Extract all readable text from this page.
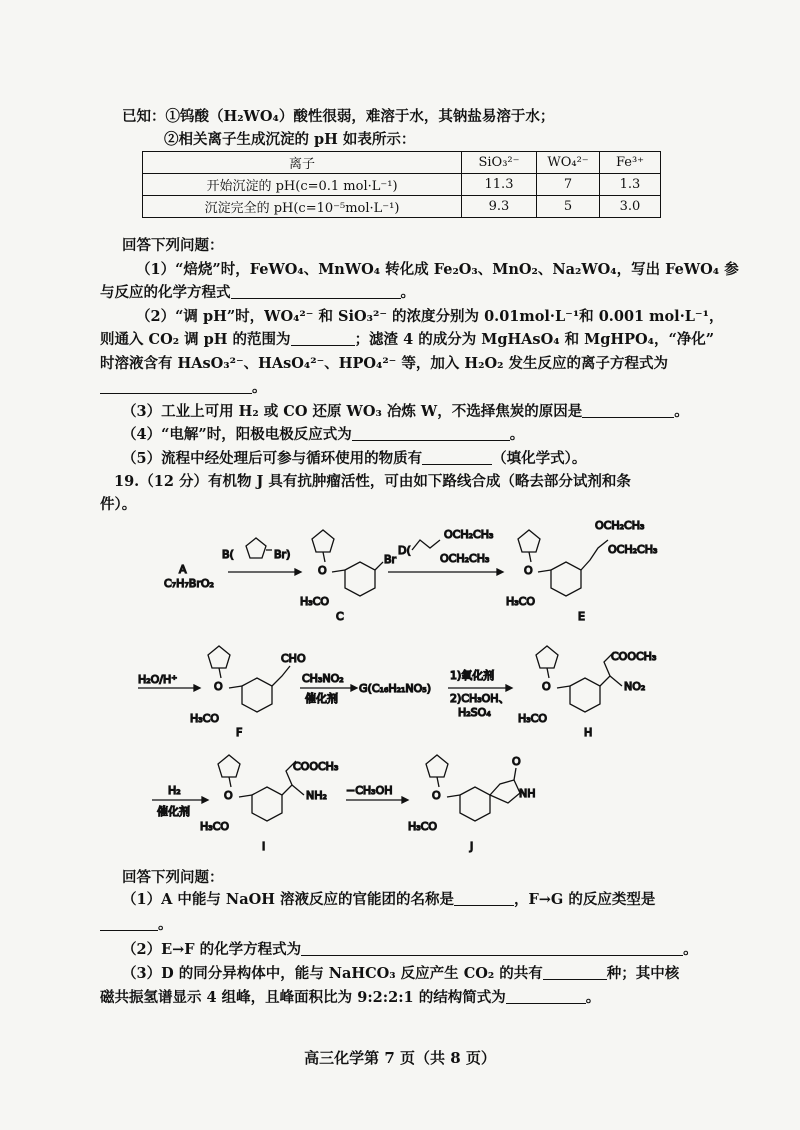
已知：①钨酸（H₂WO₄）酸性很弱，难溶于水，其钠盐易溶于水；
②相关离子生成沉淀的 pH 如表所示：
离子	SiO₃²⁻	WO₄²⁻	Fe³⁺
开始沉淀的 pH(c=0.1 mol·L⁻¹)	11.3	7	1.3
沉淀完全的 pH(c=10⁻⁵mol·L⁻¹)	9.3	5	3.0
回答下列问题：
（1）“焙烧”时，FeWO₄、MnWO₄ 转化成 Fe₂O₃、MnO₂、Na₂WO₄，写出 FeWO₄ 参
与反应的化学方程式	。
（2）“调 pH”时，WO₄²⁻ 和 SiO₃²⁻ 的浓度分别为 0.01mol·L⁻¹和 0.001 mol·L⁻¹，
则通入 CO₂ 调 pH 的范围为	；滤渣 4 的成分为 MgHAsO₄ 和 MgHPO₄，“净化”
时溶液含有 HAsO₃²⁻、HAsO₄²⁻、HPO₄²⁻ 等，加入 H₂O₂ 发生反应的离子方程式为
。
（3）工业上可用 H₂ 或 CO 还原 WO₃ 冶炼 W，不选择焦炭的原因是	。
（4）“电解”时，阳极电极反应式为	。
（5）流程中经处理后可参与循环使用的物质有	（填化学式）。
19.（12 分）有机物 J 具有抗肿瘤活性，可由如下路线合成（略去部分试剂和条
件）。
A
C₇H₇BrO₂
B(	Br)
O
Br
H₃CO
C
D(
OCH₂CH₃
OCH₂CH₃
O
OCH₂CH₃
OCH₂CH₃
H₃CO
E
H₂O/H⁺
O
CHO
H₃CO
F
CH₃NO₂
催化剂
G(C₁₆H₂₁NO₅)
1)氧化剂
2)CH₃OH、
H₂SO₄
O
COOCH₃
NO₂
H₃CO
H
H₂
催化剂
O
COOCH₃
NH₂
H₃CO
I
−CH₃OH	O
O
NH
H₃CO
J
回答下列问题：
（1）A 中能与 NaOH 溶液反应的官能团的名称是	，F→G 的反应类型是
。
（2）E→F 的化学方程式为	。
（3）D 的同分异构体中，能与 NaHCO₃ 反应产生 CO₂ 的共有	种；其中核
磁共振氢谱显示 4 组峰，且峰面积比为 9:2:2:1 的结构简式为	。
高三化学第 7 页（共 8 页）
